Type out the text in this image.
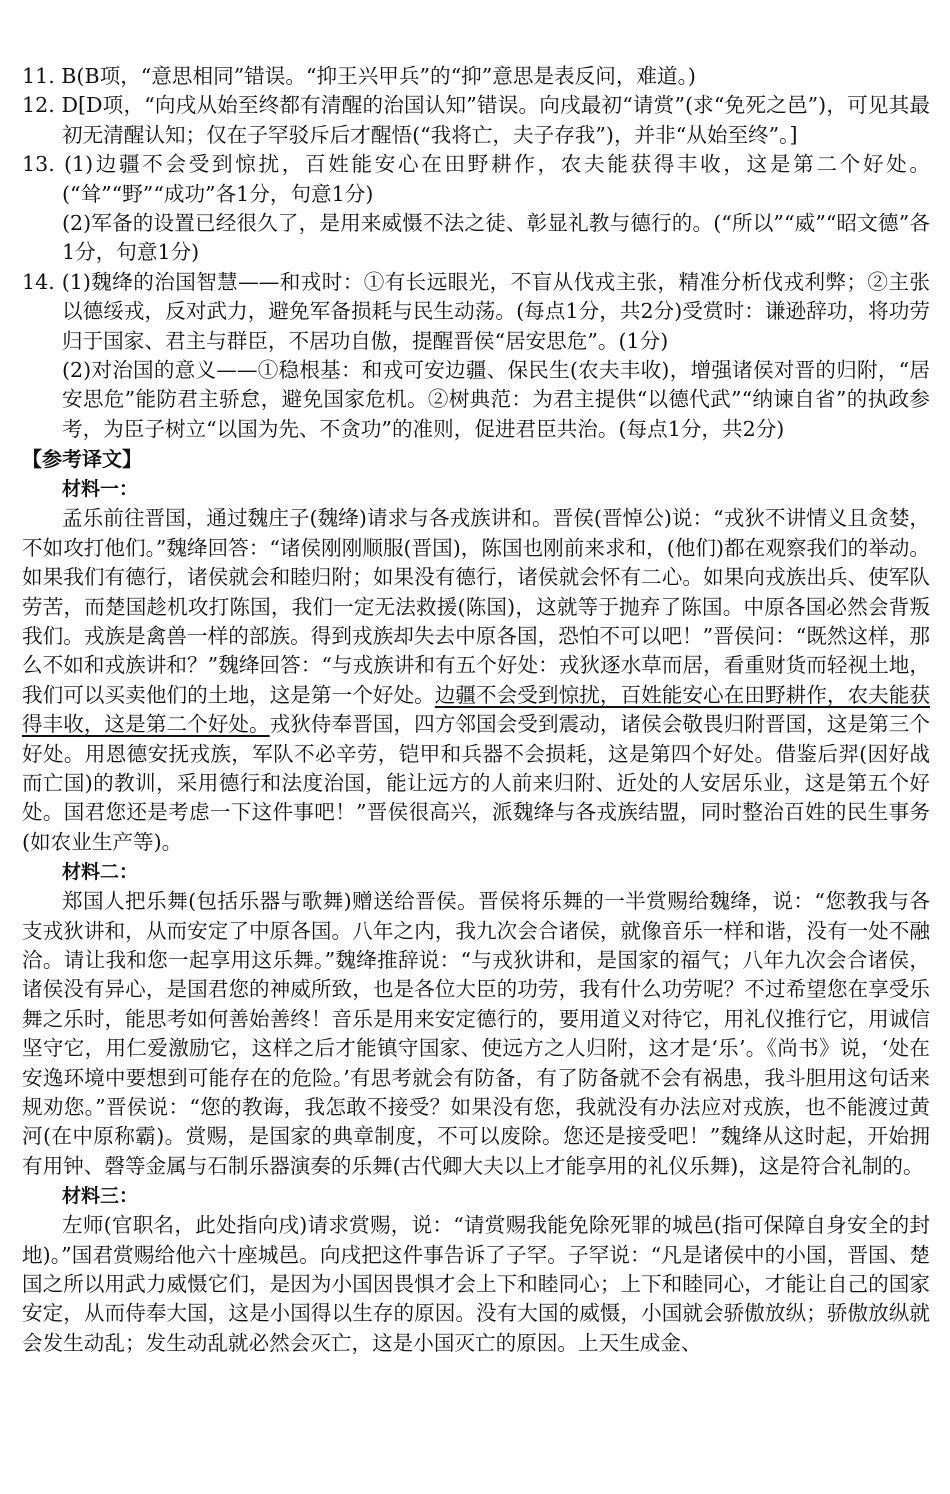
11. B(B项，“意思相同”错误。“抑王兴甲兵”的“抑”意思是表反问，难道。)

12. D[D项，“向戌从始至终都有清醒的治国认知”错误。向戌最初“请赏”(求“免死之邑”)，可见其最初无清醒认知；仅在子罕驳斥后才醒悟(“我将亡，夫子存我”)，并非“从始至终”。]

13. (1)边疆不会受到惊扰，百姓能安心在田野耕作，农夫能获得丰收，这是第二个好处。(“耸”“野”“成功”各1分，句意1分)

(2)军备的设置已经很久了，是用来威慑不法之徒、彰显礼教与德行的。(“所以”“威”“昭文德”各1分，句意1分)

14. (1)魏绛的治国智慧——和戎时：①有长远眼光，不盲从伐戎主张，精准分析伐戎利弊；②主张以德绥戎，反对武力，避免军备损耗与民生动荡。(每点1分，共2分)受赏时：谦逊辞功，将功劳归于国家、君主与群臣，不居功自傲，提醒晋侯“居安思危”。(1分)

(2)对治国的意义——①稳根基：和戎可安边疆、保民生(农夫丰收)，增强诸侯对晋的归附，“居安思危”能防君主骄怠，避免国家危机。②树典范：为君主提供“以德代武”“纳谏自省”的执政参考，为臣子树立“以国为先、不贪功”的准则，促进君臣共治。(每点1分，共2分)

【参考译文】

材料一：

孟乐前往晋国，通过魏庄子(魏绛)请求与各戎族讲和。晋侯(晋悼公)说：“戎狄不讲情义且贪婪，不如攻打他们。”魏绛回答：“诸侯刚刚顺服(晋国)，陈国也刚前来求和，(他们)都在观察我们的举动。如果我们有德行，诸侯就会和睦归附；如果没有德行，诸侯就会怀有二心。如果向戎族出兵、使军队劳苦，而楚国趁机攻打陈国，我们一定无法救援(陈国)，这就等于抛弃了陈国。中原各国必然会背叛我们。戎族是禽兽一样的部族。得到戎族却失去中原各国，恐怕不可以吧！”晋侯问：“既然这样，那么不如和戎族讲和？”魏绛回答：“与戎族讲和有五个好处：戎狄逐水草而居，看重财货而轻视土地，我们可以买卖他们的土地，这是第一个好处。边疆不会受到惊扰，百姓能安心在田野耕作，农夫能获得丰收，这是第二个好处。戎狄侍奉晋国，四方邻国会受到震动，诸侯会敬畏归附晋国，这是第三个好处。用恩德安抚戎族，军队不必辛劳，铠甲和兵器不会损耗，这是第四个好处。借鉴后羿(因好战而亡国)的教训，采用德行和法度治国，能让远方的人前来归附、近处的人安居乐业，这是第五个好处。国君您还是考虑一下这件事吧！”晋侯很高兴，派魏绛与各戎族结盟，同时整治百姓的民生事务(如农业生产等)。

材料二：

郑国人把乐舞(包括乐器与歌舞)赠送给晋侯。晋侯将乐舞的一半赏赐给魏绛，说：“您教我与各支戎狄讲和，从而安定了中原各国。八年之内，我九次会合诸侯，就像音乐一样和谐，没有一处不融洽。请让我和您一起享用这乐舞。”魏绛推辞说：“与戎狄讲和，是国家的福气；八年九次会合诸侯，诸侯没有异心，是国君您的神威所致，也是各位大臣的功劳，我有什么功劳呢？不过希望您在享受乐舞之乐时，能思考如何善始善终！音乐是用来安定德行的，要用道义对待它，用礼仪推行它，用诚信坚守它，用仁爱激励它，这样之后才能镇守国家、使远方之人归附，这才是‘乐’。《尚书》说，‘处在安逸环境中要想到可能存在的危险。’有思考就会有防备，有了防备就不会有祸患，我斗胆用这句话来规劝您。”晋侯说：“您的教诲，我怎敢不接受？如果没有您，我就没有办法应对戎族，也不能渡过黄河(在中原称霸)。赏赐，是国家的典章制度，不可以废除。您还是接受吧！”魏绛从这时起，开始拥有用钟、磬等金属与石制乐器演奏的乐舞(古代卿大夫以上才能享用的礼仪乐舞)，这是符合礼制的。

材料三：

左师(官职名，此处指向戌)请求赏赐，说：“请赏赐我能免除死罪的城邑(指可保障自身安全的封地)。”国君赏赐给他六十座城邑。向戌把这件事告诉了子罕。子罕说：“凡是诸侯中的小国，晋国、楚国之所以用武力威慑它们，是因为小国因畏惧才会上下和睦同心；上下和睦同心，才能让自己的国家安定，从而侍奉大国，这是小国得以生存的原因。没有大国的威慑，小国就会骄傲放纵；骄傲放纵就会发生动乱；发生动乱就必然会灭亡，这是小国灭亡的原因。上天生成金、
